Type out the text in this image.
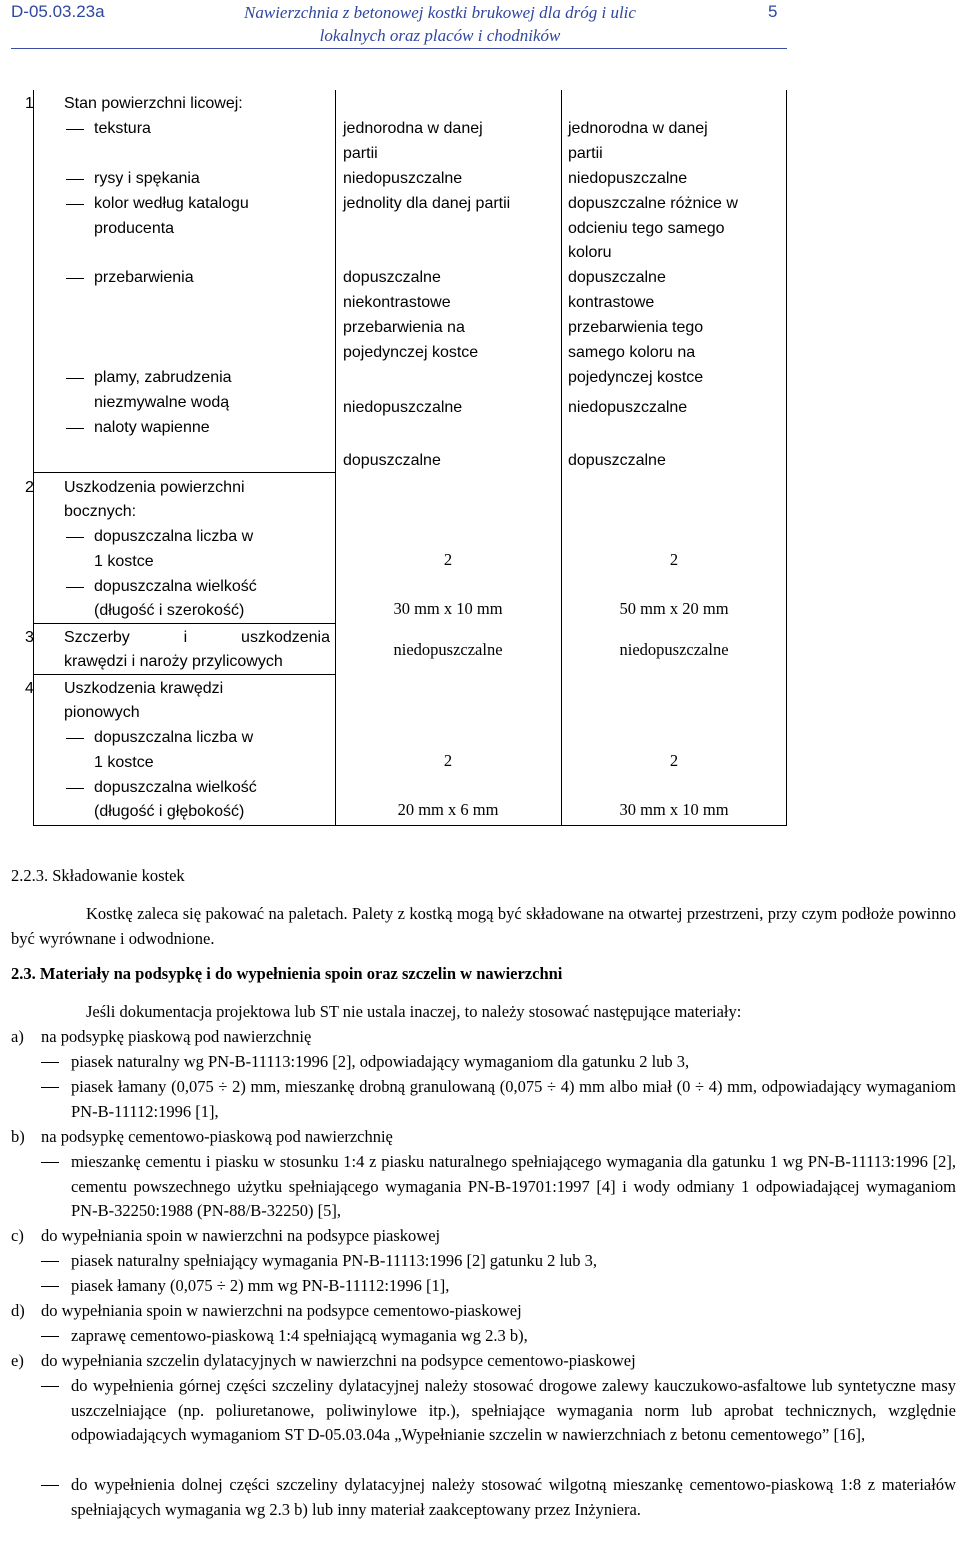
D-05.03.23a	Nawierzchnia z betonowej kostki brukowej dla dróg i ulic
lokalnych oraz placów i chodników
5
1 Stan powierzchni licowej:
tekstura
rysy i spękania
kolor według katalogu
producenta
przebarwienia
plamy, zabrudzenia
niezmywalne wodą
naloty wapienne
jednorodna w danej
partii
niedopuszczalne
jednolity dla danej partii
dopuszczalne
niekontrastowe
przebarwienia na
pojedynczej kostce
niedopuszczalne
dopuszczalne
jednorodna w danej
partii
niedopuszczalne
dopuszczalne różnice w
odcieniu tego samego
koloru
dopuszczalne
kontrastowe
przebarwienia tego
samego koloru na
pojedynczej kostce
niedopuszczalne
dopuszczalne
2 Uszkodzenia powierzchni
bocznych:
dopuszczalna liczba w
1 kostce
dopuszczalna wielkość
(długość i szerokość)
2
30 mm x 10 mm
2
50 mm x 20 mm
3 Szczerby i uszkodzenia
krawędzi i naroży przylicowych
niedopuszczalne	niedopuszczalne
4 Uszkodzenia krawędzi
pionowych
dopuszczalna liczba w
1 kostce
dopuszczalna wielkość
(długość i głębokość)
2
20 mm x 6 mm
2
30 mm x 10 mm
2.2.3. Składowanie kostek
Kostkę zaleca się pakować na paletach. Palety z kostką mogą być składowane na otwartej przestrzeni, przy czym podłoże powinno być wyrównane i odwodnione.
2.3. Materiały na podsypkę i do wypełnienia spoin oraz szczelin w nawierzchni
Jeśli dokumentacja projektowa lub ST nie ustala inaczej, to należy stosować następujące materiały:
a) na podsypkę piaskową pod nawierzchnię
piasek naturalny wg PN-B-11113:1996 [2], odpowiadający wymaganiom dla gatunku 2 lub 3,
piasek łamany (0,075 ÷ 2) mm, mieszankę drobną granulowaną (0,075 ÷ 4) mm albo miał (0 ÷ 4) mm, odpowiadający wymaganiom PN-B-11112:1996 [1],
b) na podsypkę cementowo-piaskową pod nawierzchnię
mieszankę cementu i piasku w stosunku 1:4 z piasku naturalnego spełniającego wymagania dla gatunku 1 wg PN-B-11113:1996 [2], cementu powszechnego użytku spełniającego wymagania PN-B-19701:1997 [4] i wody odmiany 1 odpowiadającej wymaganiom PN-B-32250:1988 (PN-88/B-32250) [5],
c) do wypełniania spoin w nawierzchni na podsypce piaskowej
piasek naturalny spełniający wymagania PN-B-11113:1996 [2] gatunku 2 lub 3,
piasek łamany (0,075 ÷ 2) mm wg PN-B-11112:1996 [1],
d) do wypełniania spoin w nawierzchni na podsypce cementowo-piaskowej
zaprawę cementowo-piaskową 1:4 spełniającą wymagania wg 2.3 b),
e) do wypełniania szczelin dylatacyjnych w nawierzchni na podsypce cementowo-piaskowej
do wypełnienia górnej części szczeliny dylatacyjnej należy stosować drogowe zalewy kauczukowo-asfaltowe lub syntetyczne masy uszczelniające (np. poliuretanowe, poliwinylowe itp.), spełniające wymagania norm lub aprobat technicznych, względnie odpowiadających wymaganiom ST D-05.03.04a „Wypełnianie szczelin w nawierzchniach z betonu cementowego” [16],
do wypełnienia dolnej części szczeliny dylatacyjnej należy stosować wilgotną mieszankę cementowo-piaskową 1:8 z materiałów spełniających wymagania wg 2.3 b) lub inny materiał zaakceptowany przez Inżyniera.
